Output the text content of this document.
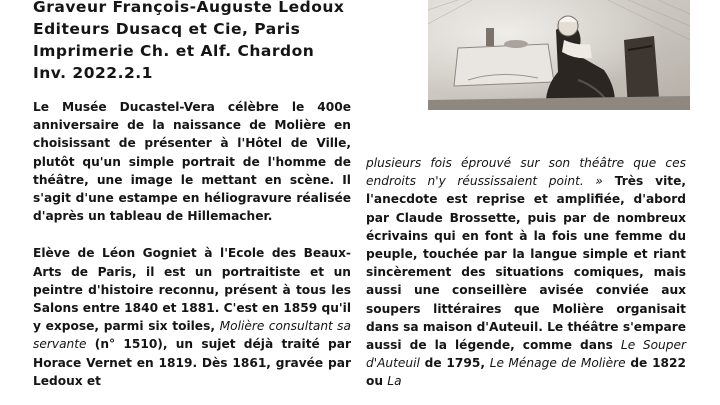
Graveur François-Auguste Ledoux
Editeurs Dusacq et Cie, Paris
Imprimerie Ch. et Alf. Chardon
Inv. 2022.2.1

Le Musée Ducastel-Vera célèbre le 400e anniversaire de la naissance de Molière en choisissant de présenter à l'Hôtel de Ville, plutôt qu'un simple portrait de l'homme de théâtre, une image le mettant en scène. Il s'agit d'une estampe en héliogravure réalisée d'après un tableau de Hillemacher.

Elève de Léon Gogniet à l'Ecole des Beaux-Arts de Paris, il est un portraitiste et un peintre d'histoire reconnu, présent à tous les Salons entre 1840 et 1881. C'est en 1859 qu'il y expose, parmi six toiles, Molière consultant sa servante (n° 1510), un sujet déjà traité par Horace Vernet en 1819. Dès 1861, gravée par Ledoux et

plusieurs fois éprouvé sur son théâtre que ces endroits n'y réussissaient point. » Très vite, l'anecdote est reprise et amplifiée, d'abord par Claude Brossette, puis par de nombreux écrivains qui en font à la fois une femme du peuple, touchée par la langue simple et riant sincèrement des situations comiques, mais aussi une conseillère avisée conviée aux soupers littéraires que Molière organisait dans sa maison d'Auteuil. Le théâtre s'empare aussi de la légende, comme dans Le Souper d'Auteuil de 1795, Le Ménage de Molière de 1822 ou La
